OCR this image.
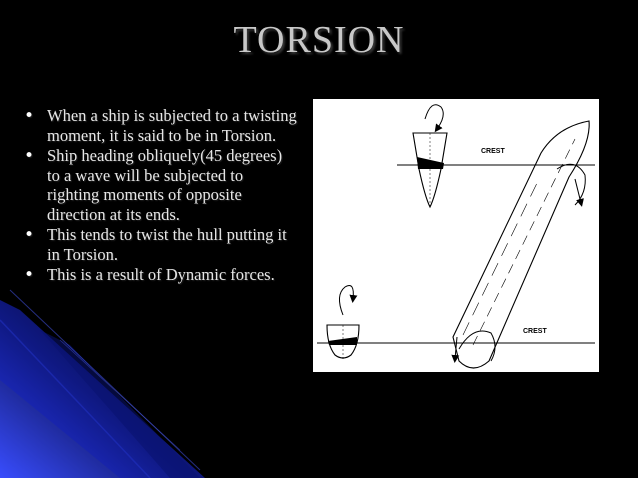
TORSION
• When a ship is subjected to a twisting moment, it is said to be in Torsion.
• Ship heading obliquely(45 degrees) to a wave will be subjected to righting moments of opposite direction at its ends.
• This tends to twist the hull putting it in Torsion.
• This is a result of Dynamic forces.
CREST
CREST
